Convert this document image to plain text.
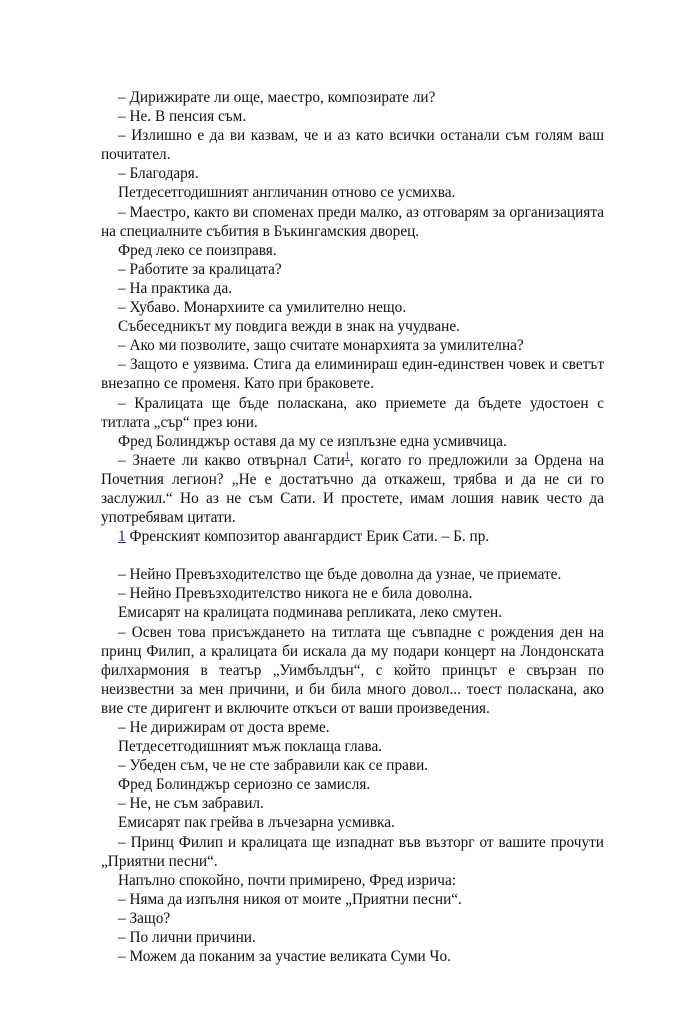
– Дирижирате ли още, маестро, композирате ли?

– Не. В пенсия съм.

– Излишно е да ви казвам, че и аз като всички останали съм голям ваш почитател.

– Благодаря.

Петдесетгодишният англичанин отново се усмихва.

– Маестро, както ви споменах преди малко, аз отговарям за организацията на специалните събития в Бъкингамския дворец.

Фред леко се поизправя.

– Работите за кралицата?

– На практика да.

– Хубаво. Монархиите са умилително нещо.

Събеседникът му повдига вежди в знак на учудване.

– Ако ми позволите, защо считате монархията за умилителна?

– Защото е уязвима. Стига да елиминираш един-единствен човек и светът внезапно се променя. Като при браковете.

– Кралицата ще бъде поласкана, ако приемете да бъдете удостоен с титлата „сър“ през юни.

Фред Болинджър оставя да му се изплъзне една усмивчица.

– Знаете ли какво отвърнал Сати$^1$, когато го предложили за Ордена на Почетния легион? „Не е достатъчно да откажеш, трябва и да не си го заслужил.“ Но аз не съм Сати. И простете, имам лошия навик често да употребявам цитати.

1 Френският композитор авангардист Ерик Сати. – Б. пр.

– Нейно Превъзходителство ще бъде доволна да узнае, че приемате.

– Нейно Превъзходителство никога не е била доволна.

Емисарят на кралицата подминава репликата, леко смутен.

– Освен това присъждането на титлата ще съвпадне с рождения ден на принц Филип, а кралицата би искала да му подари концерт на Лондонската филхармония в театър „Уимбълдън“, с който принцът е свързан по неизвестни за мен причини, и би била много довол... тоест поласкана, ако вие сте диригент и включите откъси от ваши произведения.

– Не дирижирам от доста време.

Петдесетгодишният мъж поклаща глава.

– Убеден съм, че не сте забравили как се прави.

Фред Болинджър сериозно се замисля.

– Не, не съм забравил.

Емисарят пак грейва в лъчезарна усмивка.

– Принц Филип и кралицата ще изпаднат във възторг от вашите прочути „Приятни песни“.

Напълно спокойно, почти примирено, Фред изрича:

– Няма да изпълня никоя от моите „Приятни песни“.

– Защо?

– По лични причини.

– Можем да поканим за участие великата Суми Чо.
